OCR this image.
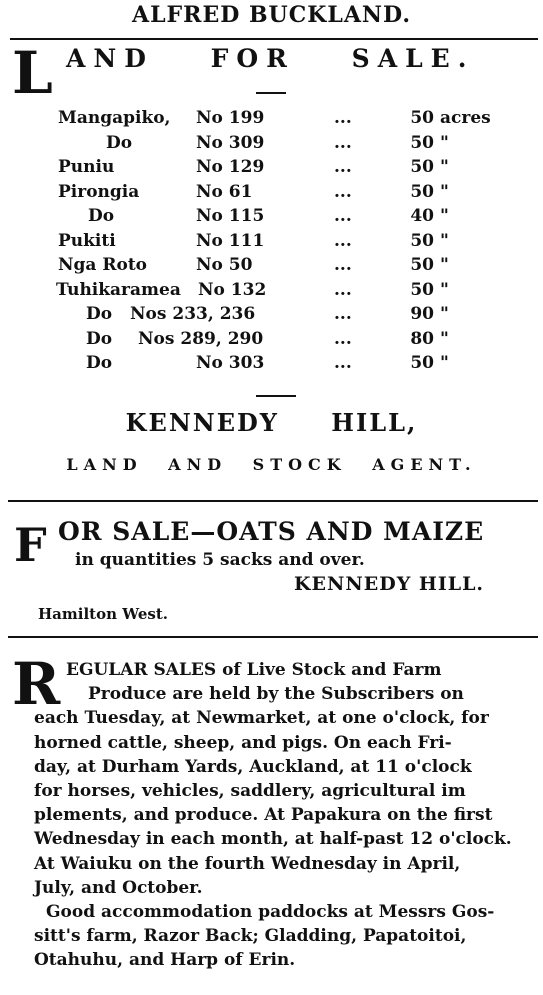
ALFRED BUCKLAND.
L AND FOR SALE.
Mangapiko, No 199	...	50 acres
Do	No 309	...	50 "
Puniu	No 129	...	50 "
Pirongia	No 61	...	50 "
Do	No 115	...	40 "
Pukiti	No 111	...	50 "
Nga Roto	No 50	...	50 "
Tuhikaramea No 132	...	50 "
Do Nos 233, 236	...	90 "
Do Nos 289, 290	...	80 "
Do	No 303	...	50 "
KENNEDY HILL,
LAND AND STOCK AGENT.
F OR SALE—OATS AND MAIZE
in quantities 5 sacks and over.
KENNEDY HILL.
Hamilton West.
R EGULAR SALES of Live Stock and Farm
Produce are held by the Subscribers on
each Tuesday, at Newmarket, at one o'clock, for
horned cattle, sheep, and pigs. On each Fri-
day, at Durham Yards, Auckland, at 11 o'clock
for horses, vehicles, saddlery, agricultural im
plements, and produce. At Papakura on the first
Wednesday in each month, at half-past 12 o'clock.
At Waiuku on the fourth Wednesday in April,
July, and October.
Good accommodation paddocks at Messrs Gos-
sitt's farm, Razor Back; Gladding, Papatoitoi,
Otahuhu, and Harp of Erin.
